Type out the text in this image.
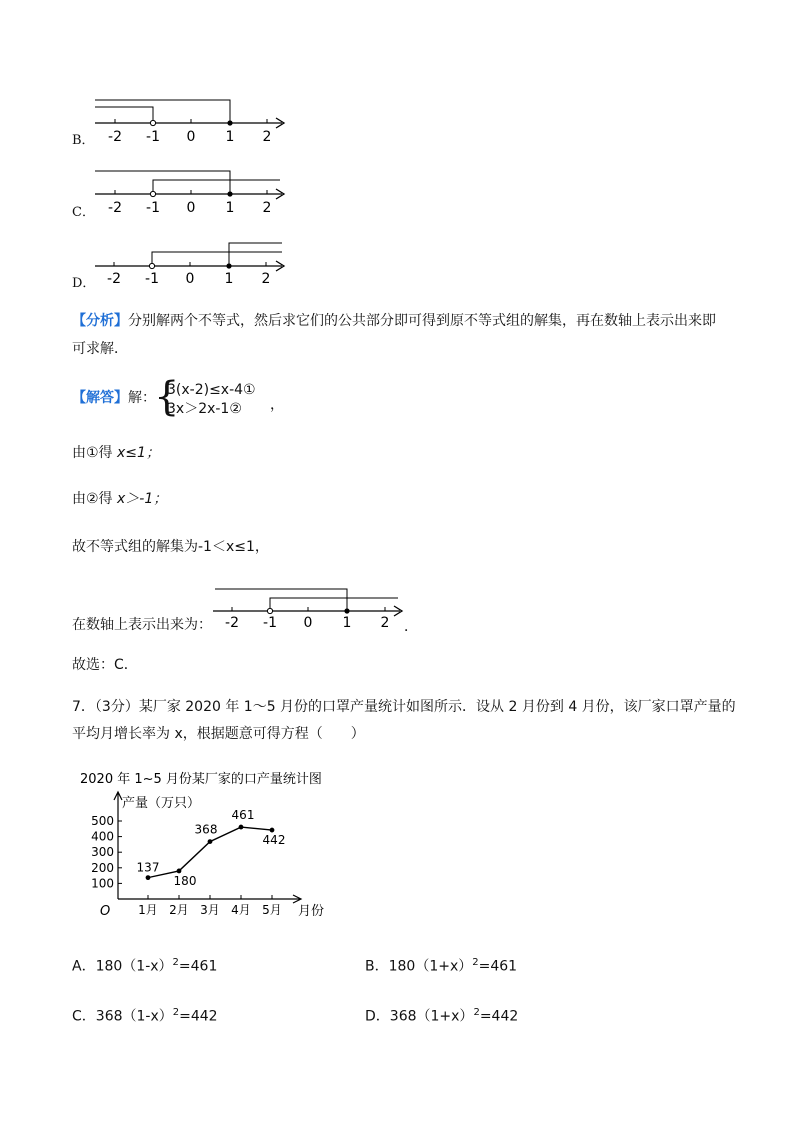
B． -2 -1 0 1 2
C． -2 -1 0 1 2
D． -2 -1 0 1 2
【分析】分别解两个不等式，然后求它们的公共部分即可得到原不等式组的解集，再在数轴上表示出来即
可求解．
【解答】解：
{
3(x-2)≤x-4①
3x＞2x-1② ，
由①得 x≤1；
由②得 x＞-1；
故不等式组的解集为-1＜x≤1，
在数轴上表示出来为： -2 -1 0 1 2 ．
故选：C．
7．（3分）某厂家 2020 年 1～5 月份的口罩产量统计如图所示．设从 2 月份到 4 月份，该厂家口罩产量的
平均月增长率为 x，根据题意可得方程（　　）
2020 年 1~5 月份某厂家的口产量统计图
产量（万只）
月份
O
100
200
300
400
500
1月 2月 3月 4月 5月
137
180
368
461
442
A．$180(1-x)^2=461$	B．$180(1+x)^2=461$
C．$368(1-x)^2=442$	D．$368(1+x)^2=442$
